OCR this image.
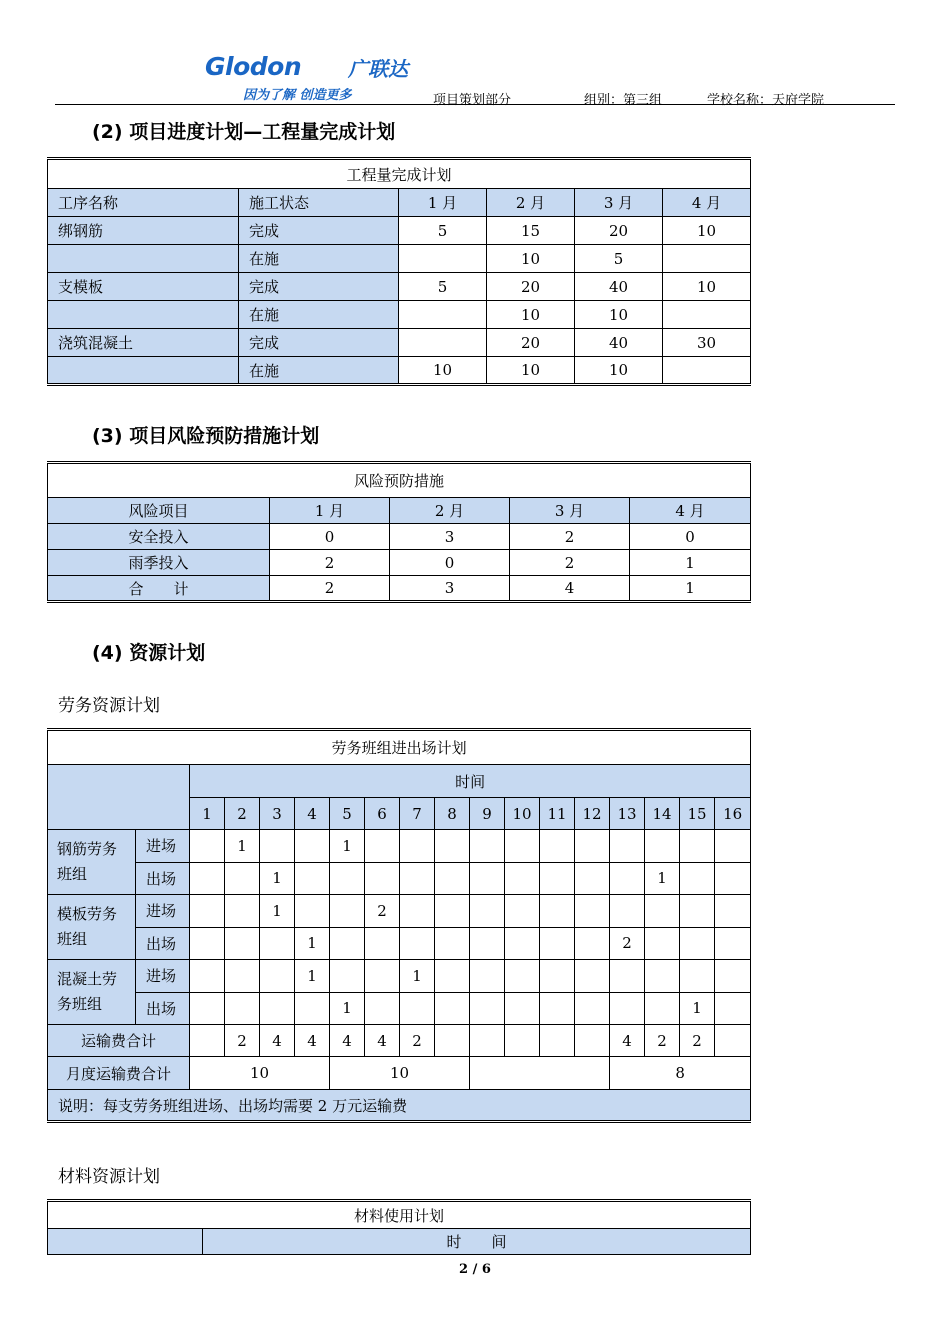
Glodon 广联达
因为了解 创造更多	项目策划部分	组别：第三组	学校名称：天府学院
(2) 项目进度计划—工程量完成计划
工程量完成计划					
工序名称	施工状态	1 月	2 月	3 月	4 月
绑钢筋	完成	5	15	20	10
	在施		10	5	
支模板	完成	5	20	40	10
	在施		10	10	
浇筑混凝土	完成		20	40	30
	在施	10	10	10	
(3) 项目风险预防措施计划
风险预防措施				
风险项目	1 月	2 月	3 月	4 月
安全投入	0	3	2	0
雨季投入	2	0	2	1
合　　计	2	3	4	1
(4) 资源计划
劳务资源计划
劳务班组进出场计划																	
		时间															
		1	2	3	4	5	6	7	8	9	10	11	12	13	14	15	16

钢筋劳务
班组	进场		1			1											
	出场			1											1		

模板劳务
班组	进场			1			2										
	出场				1									2			

混凝土劳
务班组	进场				1			1									
	出场					1										1	
运输费合计			2	4	4	4	4	2						4	2	2	
月度运输费合计		10				10								8			
说明：每支劳务班组进场、出场均需要 2 万元运输费																	
材料资源计划
材料使用计划
	时　　间
2 / 6
